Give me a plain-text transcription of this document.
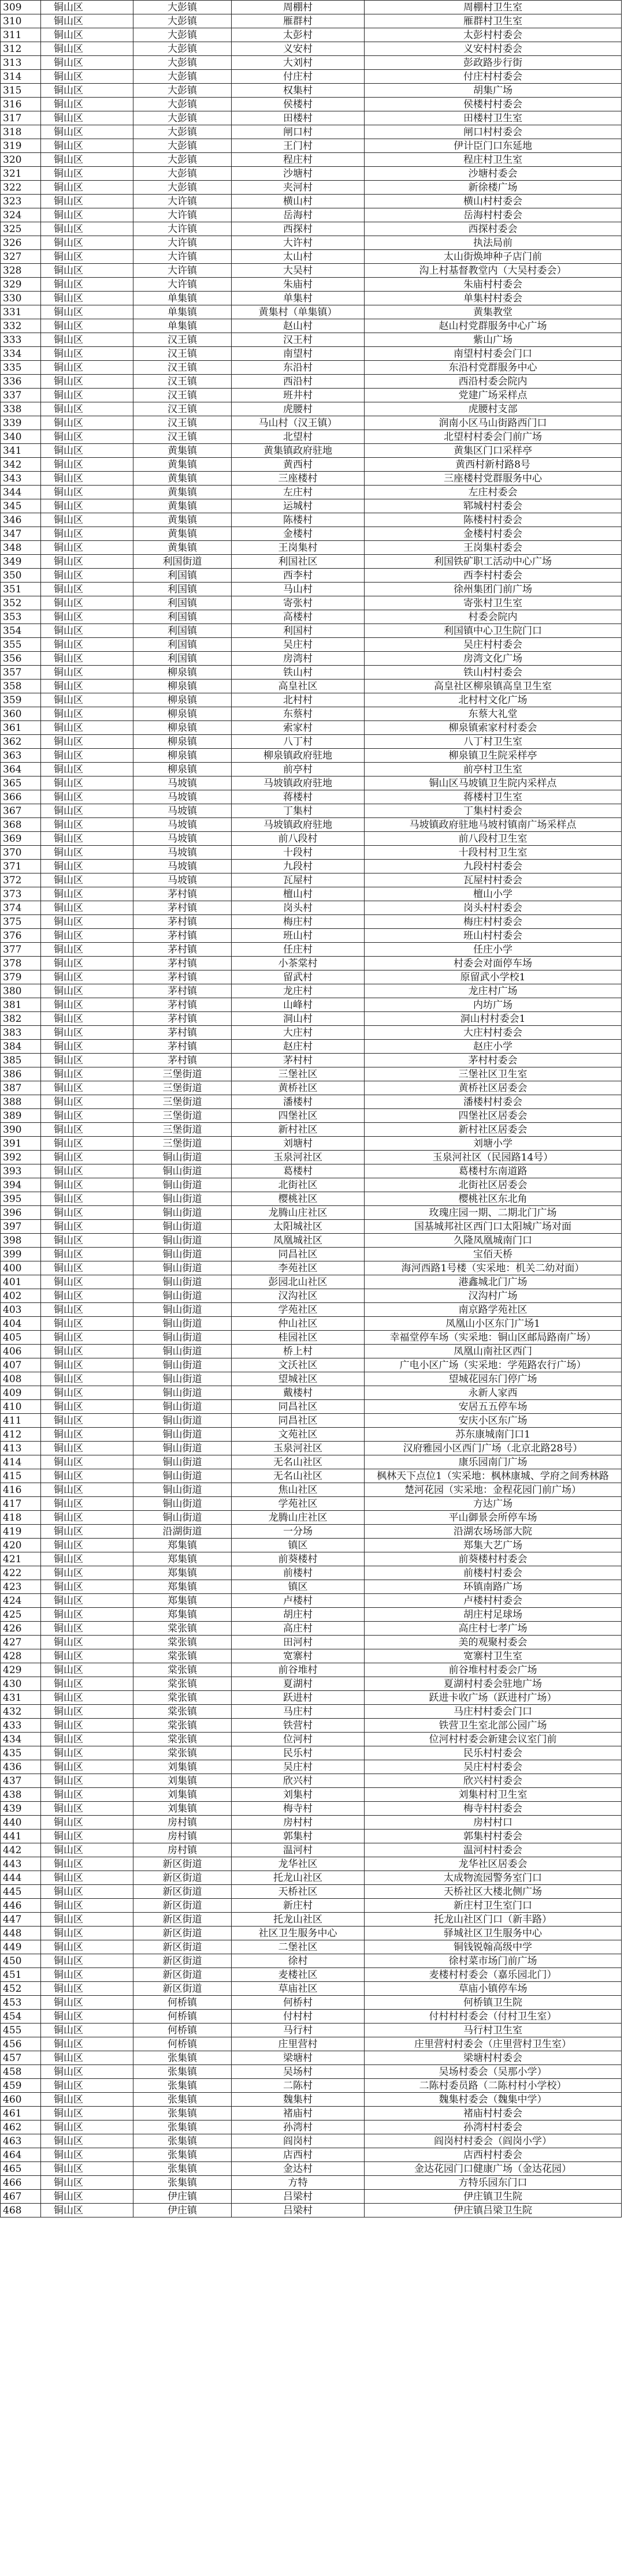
309	铜山区	大彭镇	周棚村	周棚村卫生室
310	铜山区	大彭镇	雁群村	雁群村卫生室
311	铜山区	大彭镇	太彭村	太彭村村委会
312	铜山区	大彭镇	义安村	义安村村委会
313	铜山区	大彭镇	大刘村	彭政路步行街
314	铜山区	大彭镇	付庄村	付庄村村委会
315	铜山区	大彭镇	权集村	胡集广场
316	铜山区	大彭镇	侯楼村	侯楼村村委会
317	铜山区	大彭镇	田楼村	田楼村卫生室
318	铜山区	大彭镇	闸口村	闸口村村委会
319	铜山区	大彭镇	王门村	伊计臣门口东延地
320	铜山区	大彭镇	程庄村	程庄村卫生室
321	铜山区	大彭镇	沙塘村	沙塘村委会
322	铜山区	大彭镇	夹河村	新徐楼广场
323	铜山区	大许镇	横山村	横山村村委会
324	铜山区	大许镇	岳海村	岳海村村委会
325	铜山区	大许镇	西探村	西探村委会
326	铜山区	大许镇	大许村	执法局前
327	铜山区	大许镇	太山村	太山街焕坤种子店门前
328	铜山区	大许镇	大吴村	沟上村基督教堂内（大吴村委会）
329	铜山区	大许镇	朱庙村	朱庙村村委会
330	铜山区	单集镇	单集村	单集村村委会
331	铜山区	单集镇	黄集村（单集镇）	黄集教堂
332	铜山区	单集镇	赵山村	赵山村党群服务中心广场
333	铜山区	汉王镇	汉王村	紫山广场
334	铜山区	汉王镇	南望村	南望村村委会门口
335	铜山区	汉王镇	东沿村	东沿村党群服务中心
336	铜山区	汉王镇	西沿村	西沿村委会院内
337	铜山区	汉王镇	班井村	党建广场采样点
338	铜山区	汉王镇	虎腰村	虎腰村支部
339	铜山区	汉王镇	马山村（汉王镇）	润南小区马山街路西门口
340	铜山区	汉王镇	北望村	北望村村委会门前广场
341	铜山区	黄集镇	黄集镇政府驻地	黄集区门口采样亭
342	铜山区	黄集镇	黄西村	黄西村新村路8号
343	铜山区	黄集镇	三座楼村	三座楼村党群服务中心
344	铜山区	黄集镇	左庄村	左庄村委会
345	铜山区	黄集镇	运城村	郓城村村委会
346	铜山区	黄集镇	陈楼村	陈楼村村委会
347	铜山区	黄集镇	金楼村	金楼村村委会
348	铜山区	黄集镇	王岗集村	王岗集村委会
349	铜山区	利国街道	利国社区	利国铁矿职工活动中心广场
350	铜山区	利国镇	西李村	西李村村委会
351	铜山区	利国镇	马山村	徐州集团门前广场
352	铜山区	利国镇	寄张村	寄张村卫生室
353	铜山区	利国镇	高楼村	村委会院内
354	铜山区	利国镇	利国村	利国镇中心卫生院门口
355	铜山区	利国镇	吴庄村	吴庄村村委会
356	铜山区	利国镇	房湾村	房湾文化广场
357	铜山区	柳泉镇	铁山村	铁山村村委会
358	铜山区	柳泉镇	高皇社区	高皇社区柳泉镇高皇卫生室
359	铜山区	柳泉镇	北村村	北村村文化广场
360	铜山区	柳泉镇	东蔡村	东蔡大礼堂
361	铜山区	柳泉镇	索家村	柳泉镇索家村村委会
362	铜山区	柳泉镇	八丁村	八丁村卫生室
363	铜山区	柳泉镇	柳泉镇政府驻地	柳泉镇卫生院采样亭
364	铜山区	柳泉镇	前亭村	前亭村卫生室
365	铜山区	马坡镇	马坡镇政府驻地	铜山区马坡镇卫生院内采样点
366	铜山区	马坡镇	蒋楼村	蒋楼村卫生室
367	铜山区	马坡镇	丁集村	丁集村村委会
368	铜山区	马坡镇	马坡镇政府驻地	马坡镇政府驻地马坡村镇南广场采样点
369	铜山区	马坡镇	前八段村	前八段村卫生室
370	铜山区	马坡镇	十段村	十段村村卫生室
371	铜山区	马坡镇	九段村	九段村村委会
372	铜山区	马坡镇	瓦屋村	瓦屋村村委会
373	铜山区	茅村镇	檀山村	檀山小学
374	铜山区	茅村镇	岗头村	岗头村村委会
375	铜山区	茅村镇	梅庄村	梅庄村村委会
376	铜山区	茅村镇	班山村	班山村村委会
377	铜山区	茅村镇	任庄村	任庄小学
378	铜山区	茅村镇	小茶棠村	村委会对面停车场
379	铜山区	茅村镇	留武村	原留武小学校1
380	铜山区	茅村镇	龙庄村	龙庄村广场
381	铜山区	茅村镇	山峰村	内坊广场
382	铜山区	茅村镇	洞山村	洞山村村委会1
383	铜山区	茅村镇	大庄村	大庄村村委会
384	铜山区	茅村镇	赵庄村	赵庄小学
385	铜山区	茅村镇	茅村村	茅村村委会
386	铜山区	三堡街道	三堡社区	三堡社区卫生室
387	铜山区	三堡街道	黄桥社区	黄桥社区居委会
388	铜山区	三堡街道	潘楼村	潘楼村村委会
389	铜山区	三堡街道	四堡社区	四堡社区居委会
390	铜山区	三堡街道	新村社区	新村社区居委会
391	铜山区	三堡街道	刘塘村	刘塘小学
392	铜山区	铜山街道	玉泉河社区	玉泉河社区（民园路14号）
393	铜山区	铜山街道	葛楼村	葛楼村东南道路
394	铜山区	铜山街道	北街社区	北街社区居委会
395	铜山区	铜山街道	樱桃社区	樱桃社区东北角
396	铜山区	铜山街道	龙腾山庄社区	玫瑰庄园一期、二期北门广场
397	铜山区	铜山街道	太阳城社区	国基城邦社区西门口太阳城广场对面
398	铜山区	铜山街道	凤凰城社区	久隆凤凰城南门口
399	铜山区	铜山街道	同昌社区	宝佰天桥
400	铜山区	铜山街道	李苑社区	海河西路1号楼（实采地：机关二幼对面）
401	铜山区	铜山街道	彭园北山社区	港鑫城北门广场
402	铜山区	铜山街道	汉沟社区	汉沟村广场
403	铜山区	铜山街道	学苑社区	南京路学苑社区
404	铜山区	铜山街道	仲山社区	凤凰山小区东门广场1
405	铜山区	铜山街道	桂园社区	幸福堂停车场（实采地：铜山区邮局路南广场）
406	铜山区	铜山街道	桥上村	凤凰山南社区西门
407	铜山区	铜山街道	文沃社区	广电小区广场（实采地：学苑路农行广场）
408	铜山区	铜山街道	望城社区	望城花园东门停广场
409	铜山区	铜山街道	戴楼村	永新人家西
410	铜山区	铜山街道	同昌社区	安居五五停车场
411	铜山区	铜山街道	同昌社区	安庆小区东广场
412	铜山区	铜山街道	文苑社区	苏东康城南门口1
413	铜山区	铜山街道	玉泉河社区	汉府雅园小区西门广场（北京北路28号）
414	铜山区	铜山街道	无名山社区	康乐园南门广场
415	铜山区	铜山街道	无名山社区	枫林天下点位1（实采地：枫林康城、学府之间秀林路
416	铜山区	铜山街道	焦山社区	楚河花园（实采地：金程花园门前广场）
417	铜山区	铜山街道	学苑社区	方达广场
418	铜山区	铜山街道	龙腾山庄社区	平山御景会所停车场
419	铜山区	沿湖街道	一分场	沿湖农场场部大院
420	铜山区	郑集镇	镇区	郑集大艺广场
421	铜山区	郑集镇	前葵楼村	前葵楼村村委会
422	铜山区	郑集镇	前楼村	前楼村村委会
423	铜山区	郑集镇	镇区	环镇南路广场
424	铜山区	郑集镇	卢楼村	卢楼村村委会
425	铜山区	郑集镇	胡庄村	胡庄村足球场
426	铜山区	棠张镇	高庄村	高庄村七孝广场
427	铜山区	棠张镇	田河村	美的观聚村委会
428	铜山区	棠张镇	宽寨村	宽寨村卫生室
429	铜山区	棠张镇	前谷堆村	前谷堆村村委会广场
430	铜山区	棠张镇	夏湖村	夏湖村村委会驻地广场
431	铜山区	棠张镇	跃进村	跃进卡收广场（跃进村广场）
432	铜山区	棠张镇	马庄村	马庄村村委会门口
433	铜山区	棠张镇	铁营村	铁营卫生室北部公园广场
434	铜山区	棠张镇	位河村	位河村村委会新建会议室门前
435	铜山区	棠张镇	民乐村	民乐村村委会
436	铜山区	刘集镇	吴庄村	吴庄村村委会
437	铜山区	刘集镇	欣兴村	欣兴村村委会
438	铜山区	刘集镇	刘集村	刘集村村卫生室
439	铜山区	刘集镇	梅寺村	梅寺村村委会
440	铜山区	房村镇	房村村	房村村口
441	铜山区	房村镇	郭集村	郭集村村委会
442	铜山区	房村镇	温河村	温河村村委会
443	铜山区	新区街道	龙华社区	龙华社区居委会
444	铜山区	新区街道	托龙山社区	太成物流园警务室门口
445	铜山区	新区街道	天桥社区	天桥社区大楼北侧广场
446	铜山区	新区街道	新庄村	新庄村卫生室门口
447	铜山区	新区街道	托龙山社区	托龙山社区门口（新丰路）
448	铜山区	新区街道	社区卫生服务中心	驿城社区卫生服务中心
449	铜山区	新区街道	二堡社区	铜钱锐翰高级中学
450	铜山区	新区街道	徐村	徐村菜市场门前广场
451	铜山区	新区街道	麦楼社区	麦楼村村委会（嘉乐园北门）
452	铜山区	新区街道	草庙社区	草庙小镇停车场
453	铜山区	何桥镇	何桥村	何桥镇卫生院
454	铜山区	何桥镇	付村村	付村村村委会（付村卫生室）
455	铜山区	何桥镇	马行村	马行村卫生室
456	铜山区	何桥镇	庄里营村	庄里营村村委会（庄里营村卫生室）
457	铜山区	张集镇	梁塘村	梁塘村村委会
458	铜山区	张集镇	吴场村	吴场村委会（吴那小学）
459	铜山区	张集镇	二陈村	二陈村委员路（二陈村村小学校）
460	铜山区	张集镇	魏集村	魏集村委会（魏集中学）
461	铜山区	张集镇	褚庙村	褚庙村村委会
462	铜山区	张集镇	孙湾村	孙湾村村委会
463	铜山区	张集镇	阎岗村	阎岗村村委会（阎岗小学）
464	铜山区	张集镇	店西村	店西村村委会
465	铜山区	张集镇	金达村	金达花园门口健康广场（金达花园）
466	铜山区	张集镇	方特	方特乐园东门口
467	铜山区	伊庄镇	吕梁村	伊庄镇卫生院
468	铜山区	伊庄镇	吕梁村	伊庄镇吕梁卫生院
